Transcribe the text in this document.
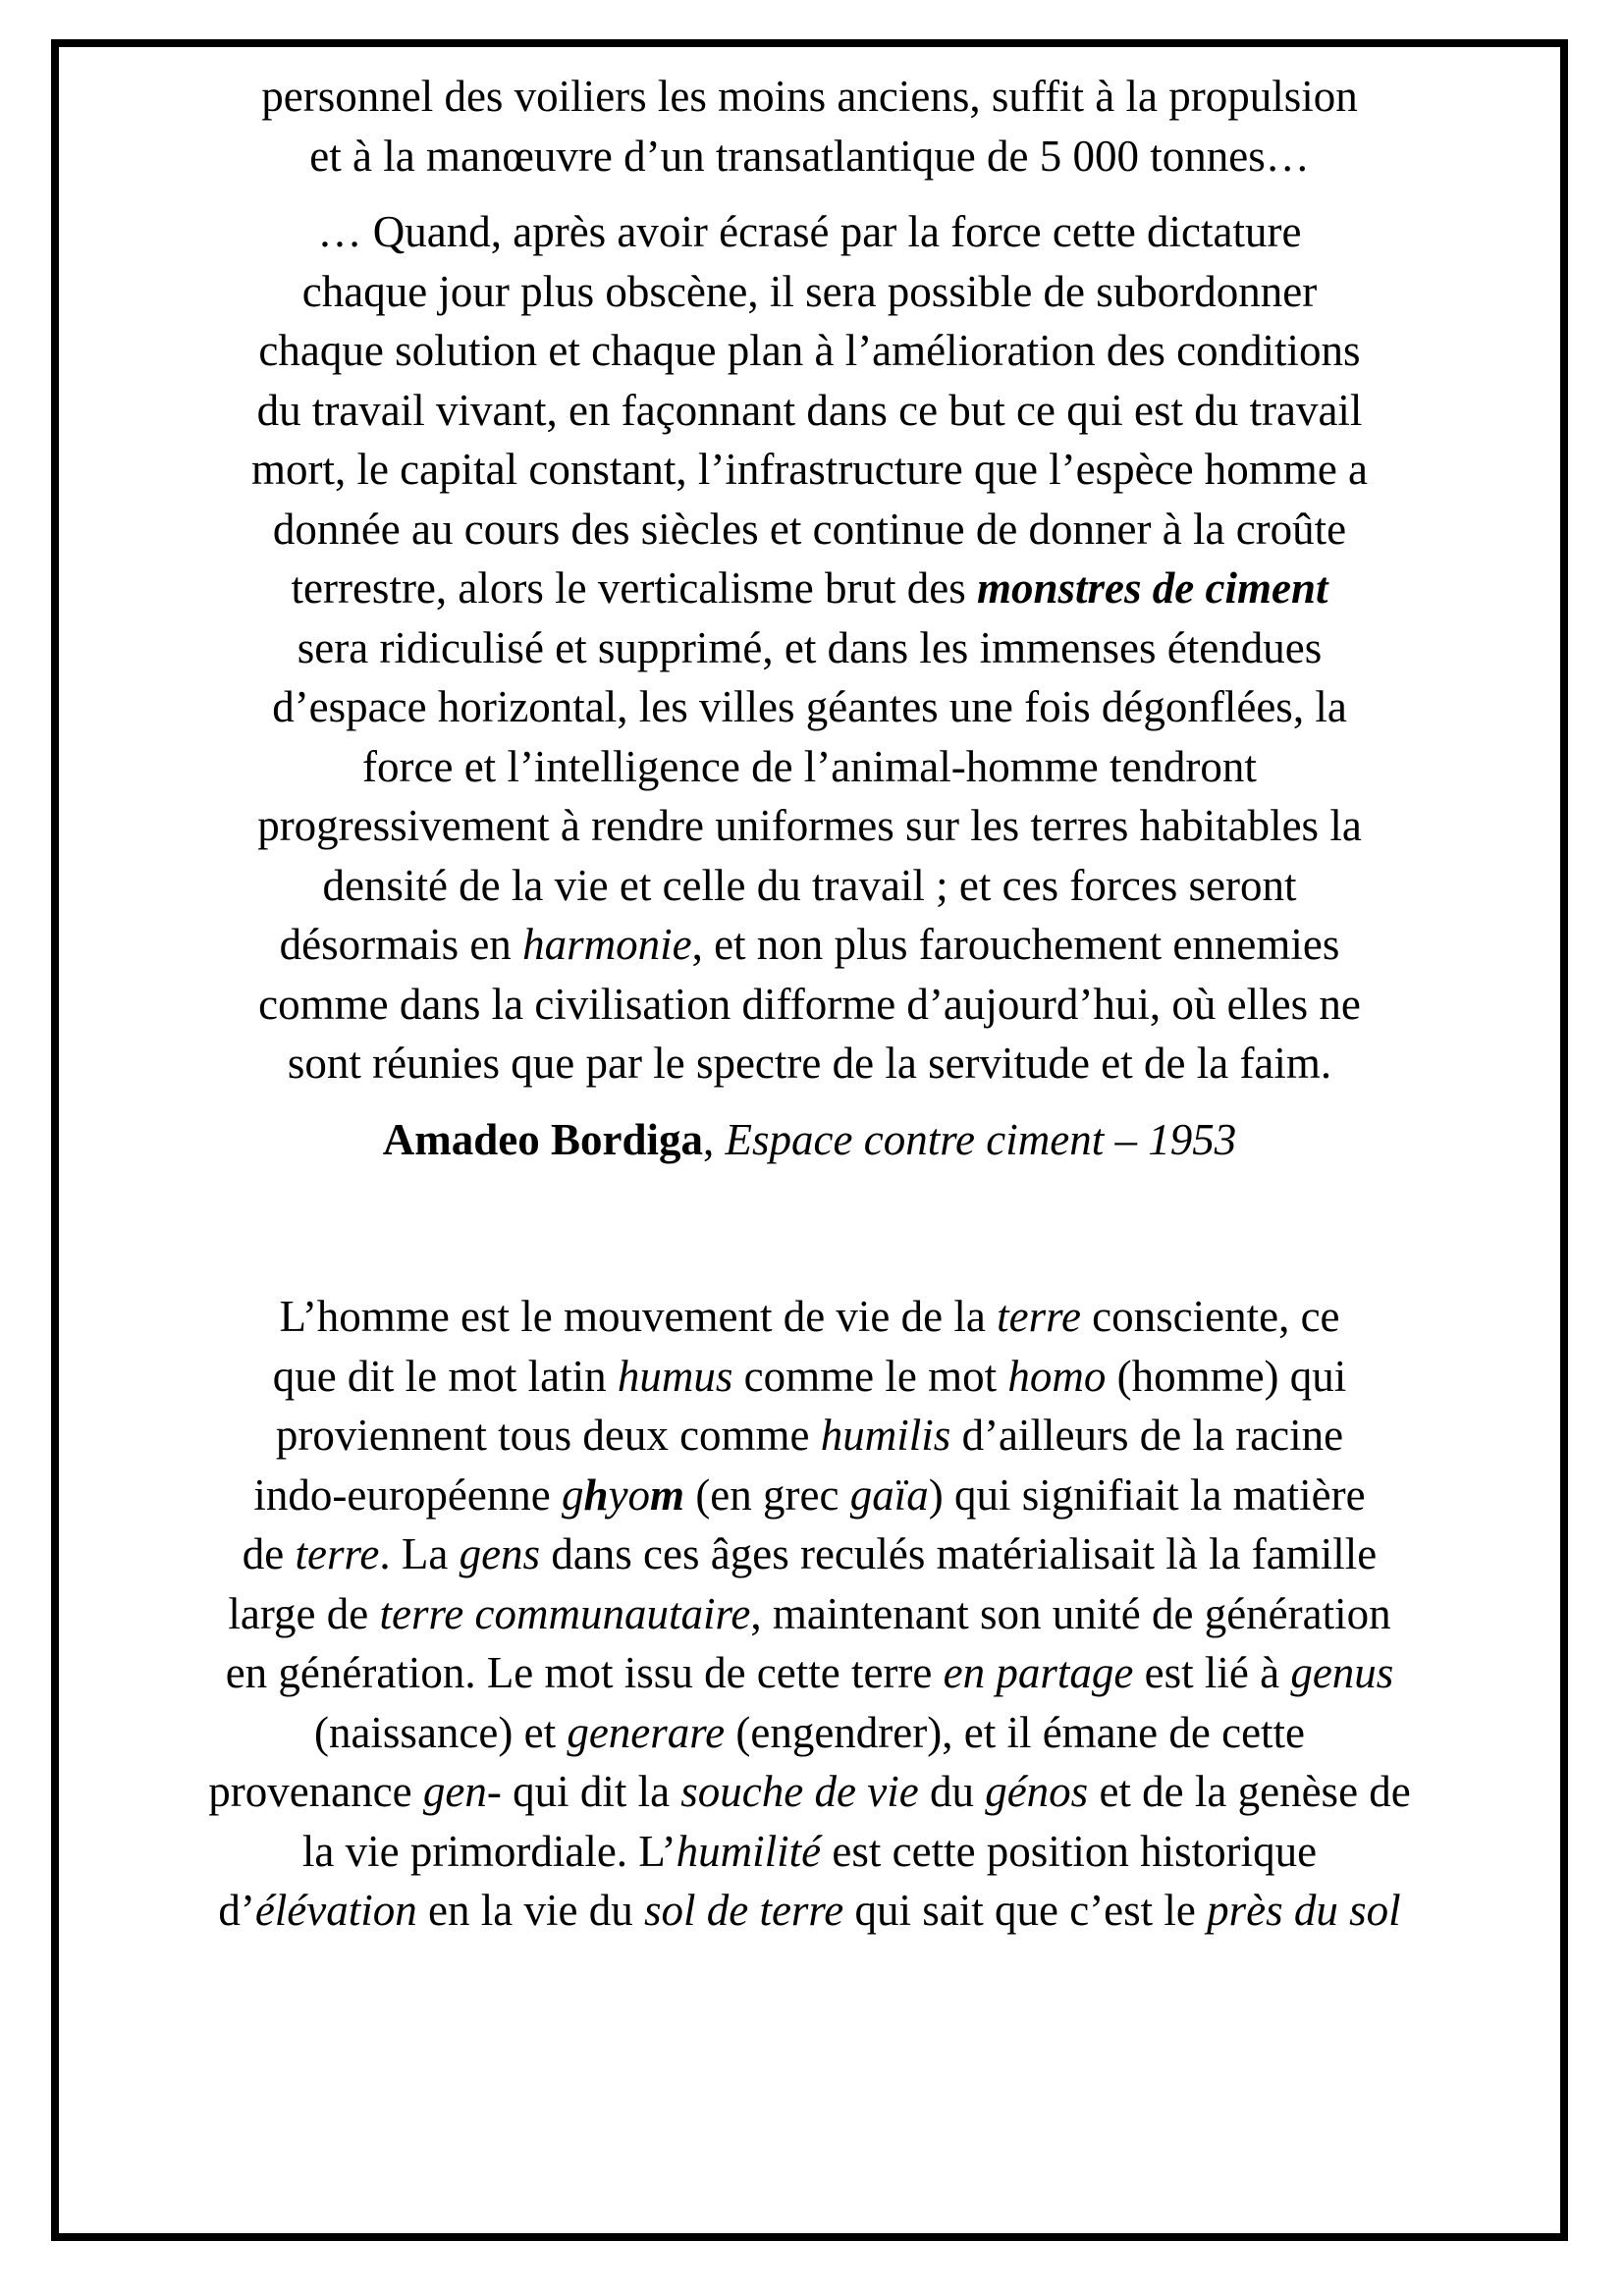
personnel des voiliers les moins anciens, suffit à la propulsion
et à la manœuvre d’un transatlantique de 5 000 tonnes…

… Quand, après avoir écrasé par la force cette dictature
chaque jour plus obscène, il sera possible de subordonner
chaque solution et chaque plan à l’amélioration des conditions
du travail vivant, en façonnant dans ce but ce qui est du travail
mort, le capital constant, l’infrastructure que l’espèce homme a
donnée au cours des siècles et continue de donner à la croûte
terrestre, alors le verticalisme brut des monstres de ciment
sera ridiculisé et supprimé, et dans les immenses étendues
d’espace horizontal, les villes géantes une fois dégonflées, la
force et l’intelligence de l’animal-homme tendront
progressivement à rendre uniformes sur les terres habitables la
densité de la vie et celle du travail ; et ces forces seront
désormais en harmonie, et non plus farouchement ennemies
comme dans la civilisation difforme d’aujourd’hui, où elles ne
sont réunies que par le spectre de la servitude et de la faim.

Amadeo Bordiga, Espace contre ciment – 1953

L’homme est le mouvement de vie de la terre consciente, ce
que dit le mot latin humus comme le mot homo (homme) qui
proviennent tous deux comme humilis d’ailleurs de la racine
indo-européenne ghyom (en grec gaïa) qui signifiait la matière
de terre. La gens dans ces âges reculés matérialisait là la famille
large de terre communautaire, maintenant son unité de génération
en génération. Le mot issu de cette terre en partage est lié à genus
(naissance) et generare (engendrer), et il émane de cette
provenance gen- qui dit la souche de vie du génos et de la genèse de
la vie primordiale. L’humilité est cette position historique
d’élévation en la vie du sol de terre qui sait que c’est le près du sol
